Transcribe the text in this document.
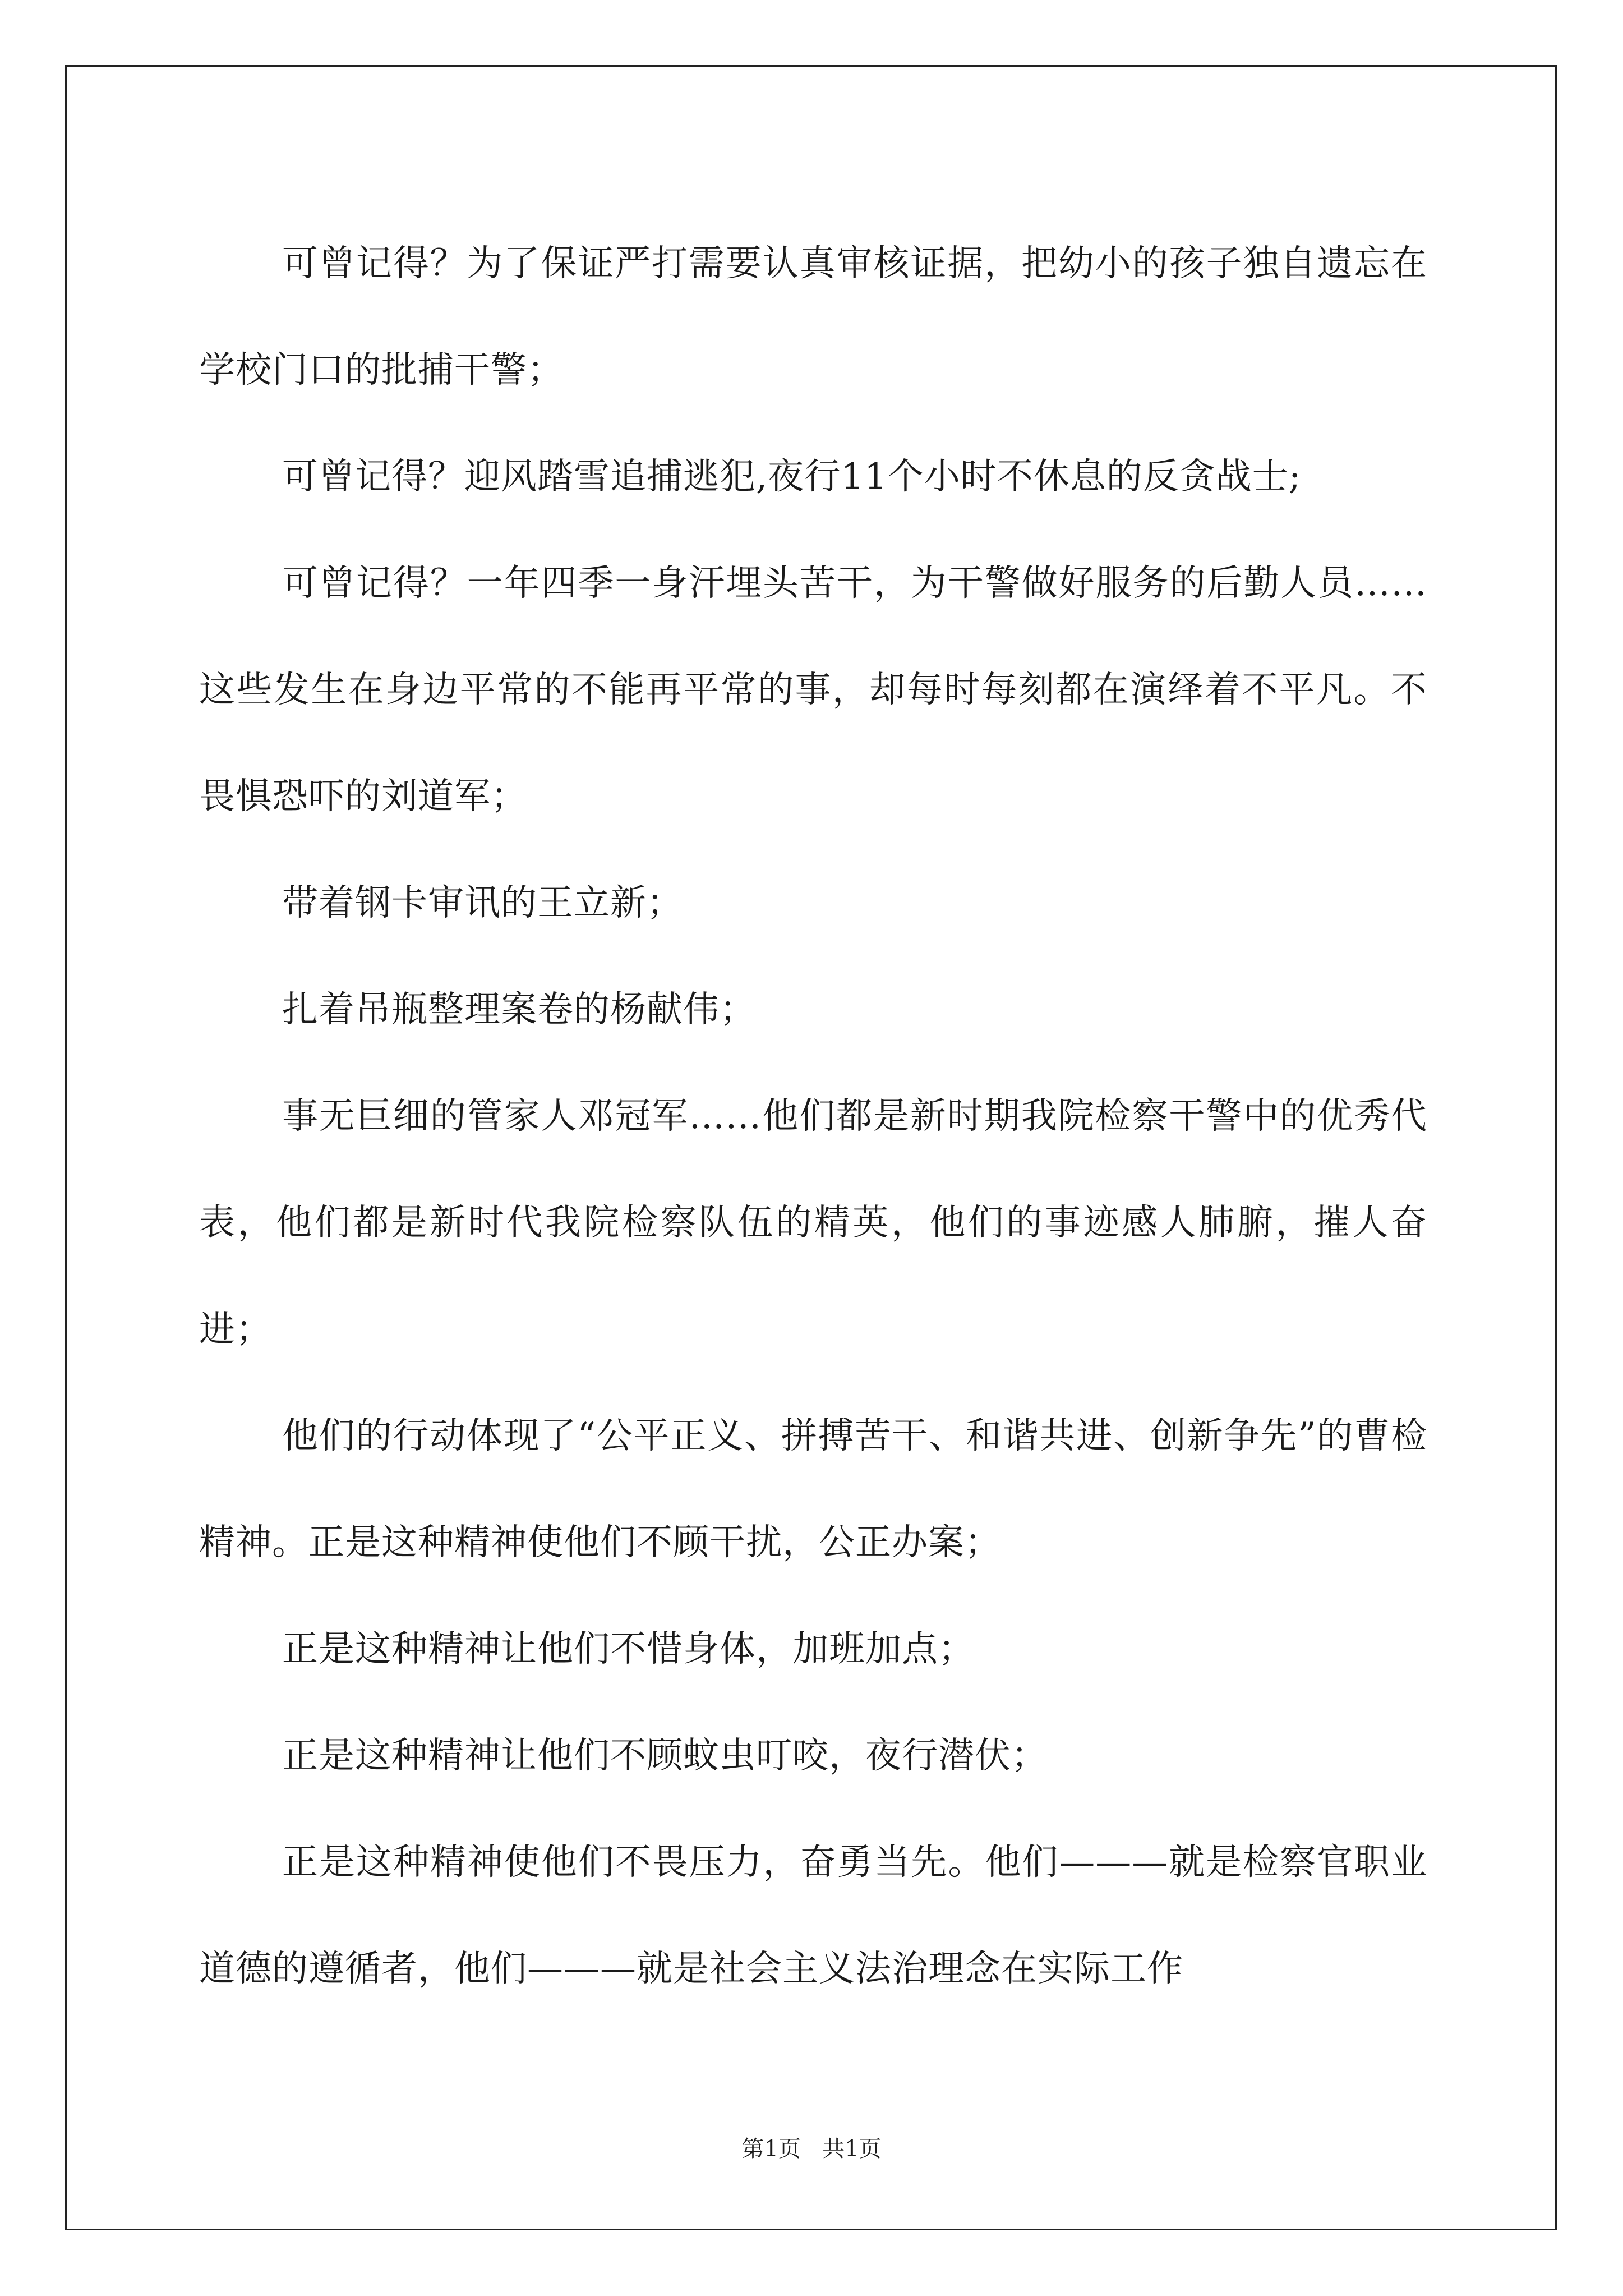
可曾记得？为了保证严打需要认真审核证据，把幼小的孩子独自遗忘在学校门口的批捕干警；

可曾记得？迎风踏雪追捕逃犯,夜行11个小时不休息的反贪战士;

可曾记得？一年四季一身汗埋头苦干，为干警做好服务的后勤人员……这些发生在身边平常的不能再平常的事，却每时每刻都在演绎着不平凡。不畏惧恐吓的刘道军；

带着钢卡审讯的王立新；

扎着吊瓶整理案卷的杨献伟；

事无巨细的管家人邓冠军……他们都是新时期我院检察干警中的优秀代表，他们都是新时代我院检察队伍的精英，他们的事迹感人肺腑，摧人奋进；

他们的行动体现了“公平正义、拼搏苦干、和谐共进、创新争先”的曹检精神。正是这种精神使他们不顾干扰，公正办案；

正是这种精神让他们不惜身体，加班加点；

正是这种精神让他们不顾蚊虫叮咬，夜行潜伏；

正是这种精神使他们不畏压力，奋勇当先。他们———就是检察官职业道德的遵循者，他们———就是社会主义法治理念在实际工作

第1页 共1页
